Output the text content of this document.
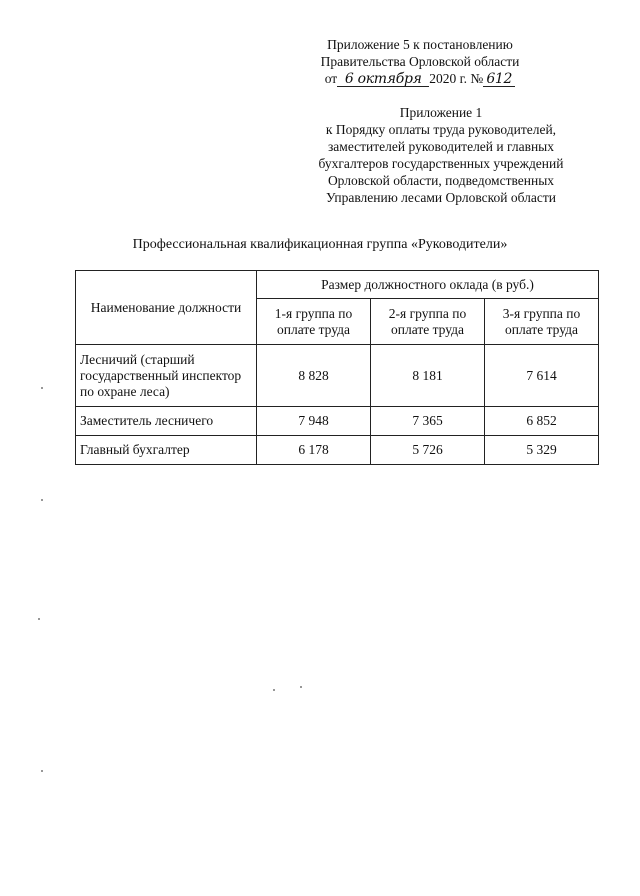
Приложение 5 к постановлению
Правительства Орловской области
от 6 октября 2020 г. № 612
Приложение 1
к Порядку оплаты труда руководителей,
заместителей руководителей и главных
бухгалтеров государственных учреждений
Орловской области, подведомственных
Управлению лесами Орловской области
Профессиональная квалификационная группа «Руководители»
Наименование должности	Размер должностного оклада (в руб.)		
	1-я группа по оплате труда	2-я группа по оплате труда	3-я группа по оплате труда
Лесничий (старший государственный инспектор по охране леса)	8 828	8 181	7 614
Заместитель лесничего	7 948	7 365	6 852
Главный бухгалтер	6 178	5 726	5 329
